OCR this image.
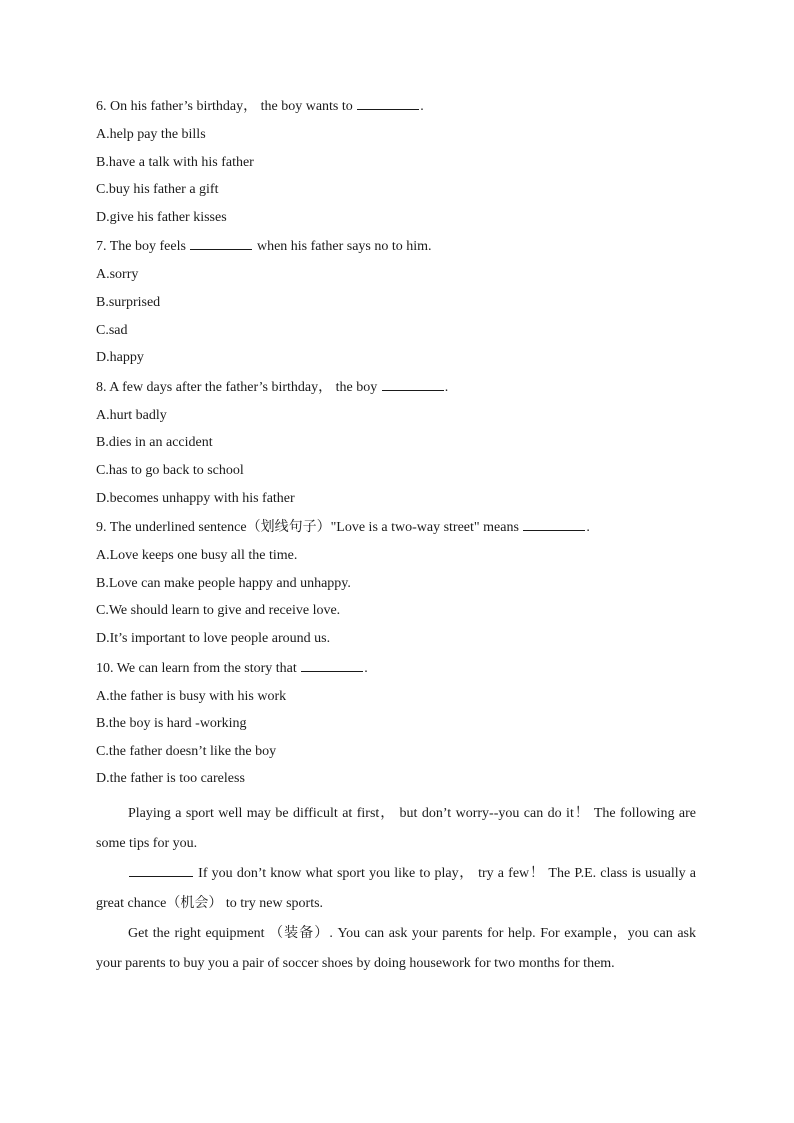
6. On his father’s birthday， the boy wants to	.
A.help pay the bills
B.have a talk with his father
C.buy his father a gift
D.give his father kisses
7. The boy feels	when his father says no to him.
A.sorry
B.surprised
C.sad
D.happy
8. A few days after the father’s birthday， the boy	.
A.hurt badly
B.dies in an accident
C.has to go back to school
D.becomes unhappy with his father
9. The underlined sentence（划线句子）"Love is a two-way street" means	.
A.Love keeps one busy all the time.
B.Love can make people happy and unhappy.
C.We should learn to give and receive love.
D.It’s important to love people around us.
10. We can learn from the story that	.
A.the father is busy with his work
B.the boy is hard -working
C.the father doesn’t like the boy
D.the father is too careless

Playing a sport well may be difficult at first， but don’t worry--you can do it！ The following are some tips for you.

If you don’t know what sport you like to play， try a few！ The P.E. class is usually a great chance（机会） to try new sports.

Get the right equipment （装备）. You can ask your parents for help. For example，you can ask your parents to buy you a pair of soccer shoes by doing housework for two months for them.
